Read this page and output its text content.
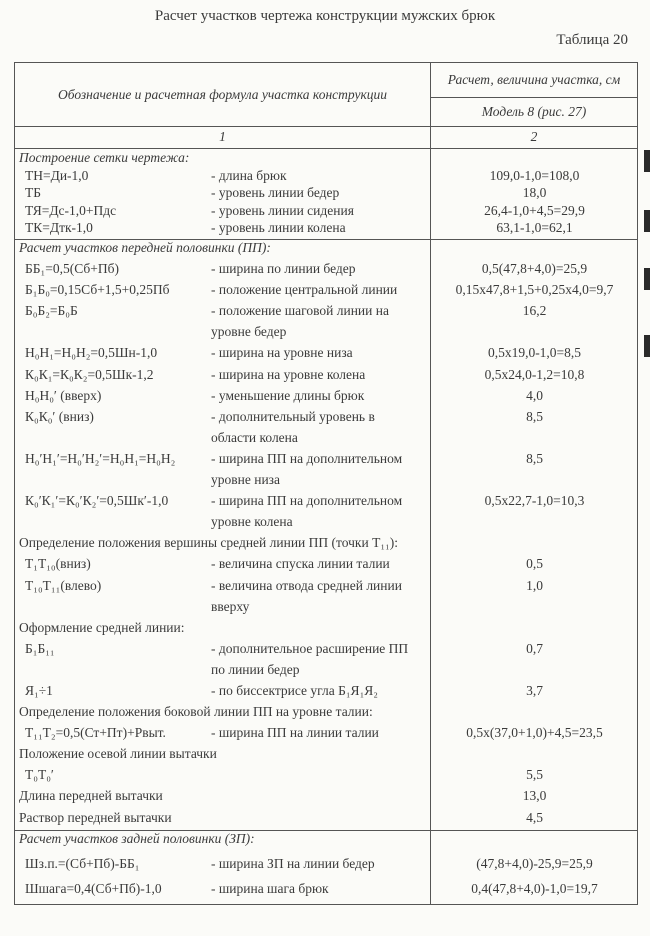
Расчет участков чертежа конструкции мужских брюк
Таблица 20
Обозначение и расчетная формула участка конструкции
Расчет, величина участка, см
Модель 8 (рис. 27)
1	2
Построение сетки чертежа:
ТН=Ди-1,0	- длина брюк	109,0-1,0=108,0
ТБ	- уровень линии бедер	18,0
ТЯ=Дс-1,0+Пдс	- уровень линии сидения	26,4-1,0+4,5=29,9
ТК=Дтк-1,0	- уровень линии колена	63,1-1,0=62,1
Расчет участков передней половинки (ПП):
ББ₁=0,5(Сб+Пб)	- ширина по линии бедер	0,5(47,8+4,0)=25,9
Б₁Б₀=0,15Сб+1,5+0,25Пб	- положение центральной линии	0,15x47,8+1,5+0,25x4,0=9,7
Б₀Б₂=Б₀Б	- положение шаговой линии на	16,2
уровне бедер
Н₀Н₁=Н₀Н₂=0,5Шн-1,0	- ширина на уровне низа	0,5x19,0-1,0=8,5
К₀К₁=К₀К₂=0,5Шк-1,2	- ширина на уровне колена	0,5x24,0-1,2=10,8
Н₀Н₀′ (вверх)	- уменьшение длины брюк	4,0
К₀К₀′ (вниз)	- дополнительный уровень в	8,5
области колена
Н₀′Н₁′=Н₀′Н₂′=Н₀Н₁=Н₀Н₂	- ширина ПП на дополнительном	8,5
уровне низа
К₀′К₁′=К₀′К₂′=0,5Шк′-1,0	- ширина ПП на дополнительном	0,5x22,7-1,0=10,3
уровне колена
Определение положения вершины средней линии ПП (точки Т₁₁):
Т₁Т₁₀(вниз)	- величина спуска линии талии	0,5
Т₁₀Т₁₁(влево)	- величина отвода средней линии	1,0
вверху
Оформление средней линии:
Б₁Б₁₁	- дополнительное расширение ПП	0,7
по линии бедер
Я₁÷1	- по биссектрисе угла Б₁Я₁Я₂	3,7
Определение положения боковой линии ПП на уровне талии:
Т₁₁Т₂=0,5(Ст+Пт)+Рвыт.	- ширина ПП на линии талии	0,5x(37,0+1,0)+4,5=23,5
Положение осевой линии вытачки
Т₀Т₀′	5,5
Длина передней вытачки	13,0
Раствор передней вытачки	4,5
Расчет участков задней половинки (ЗП):
Шз.п.=(Сб+Пб)-ББ₁	- ширина ЗП на линии бедер	(47,8+4,0)-25,9=25,9
Шшага=0,4(Сб+Пб)-1,0	- ширина шага брюк	0,4(47,8+4,0)-1,0=19,7
